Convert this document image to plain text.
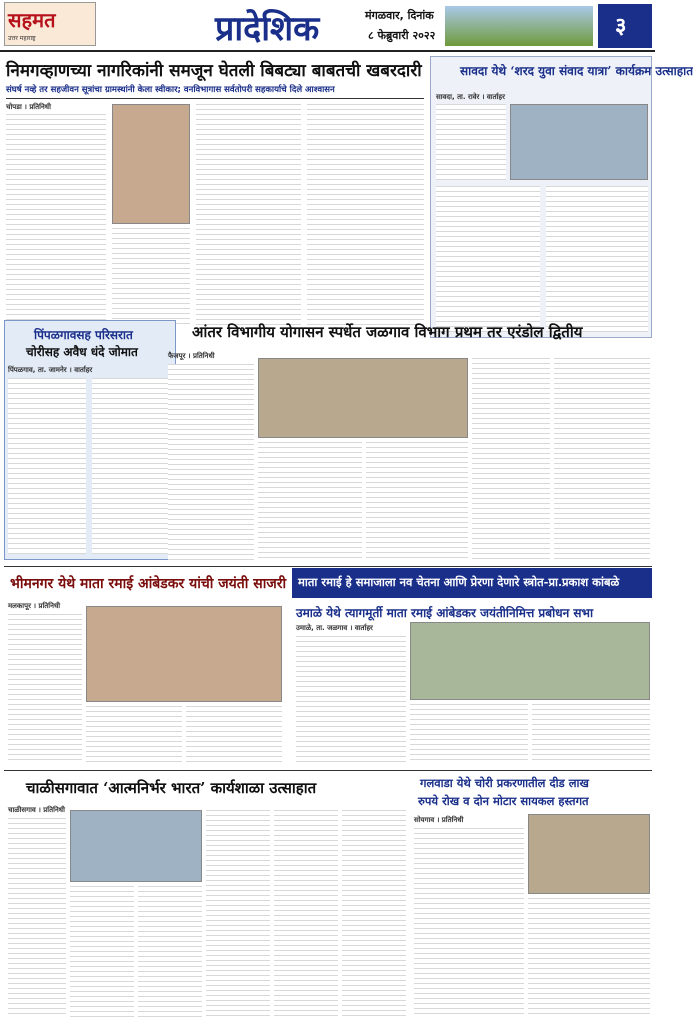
सहमत
उत्तर महाराष्ट्र	प्रादेशिक	मंगळवार, दिनांक
८ फेब्रुवारी २०२२	३
निमगव्हाणच्या नागरिकांनी समजून घेतली बिबट्या बाबतची खबरदारी
संघर्ष नव्हे तर सहजीवन सूत्रांचा ग्रामस्थांनी केला स्वीकार; वनविभागास सर्वतोपरी सहकार्याचे दिले आश्वासन
चोपडा । प्रतिनिधी
सावदा येथे ‘शरद युवा संवाद यात्रा’ कार्यक्रम उत्साहात
सावदा, ता. रावेर । वार्ताहर
पिंपळगावसह परिसरात
चोरीसह अवैध धंदे जोमात
पिंपळगाव, ता. जामनेर । वार्ताहर
आंतर विभागीय योगासन स्पर्धेत जळगाव विभाग प्रथम तर एरंडोल द्वितीय
फैजपूर । प्रतिनिधी
भीमनगर येथे माता रमाई आंबेडकर यांची जयंती साजरी
मलकापूर । प्रतिनिधी
माता रमाई हे समाजाला नव चेतना आणि प्रेरणा देणारे स्त्रोत-प्रा.प्रकाश कांबळे
उमाळे येथे त्यागमूर्ती माता रमाई आंबेडकर जयंतीनिमित्त प्रबोधन सभा
उमाळे, ता. जळगाव । वार्ताहर
चाळीसगावात ‘आत्मनिर्भर भारत’ कार्यशाळा उत्साहात
चाळीसगाव । प्रतिनिधी
गलवाडा येथे चोरी प्रकरणातील दीड लाख
रुपये रोख व दोन मोटार सायकल हस्तगत
सोयगाव । प्रतिनिधी
